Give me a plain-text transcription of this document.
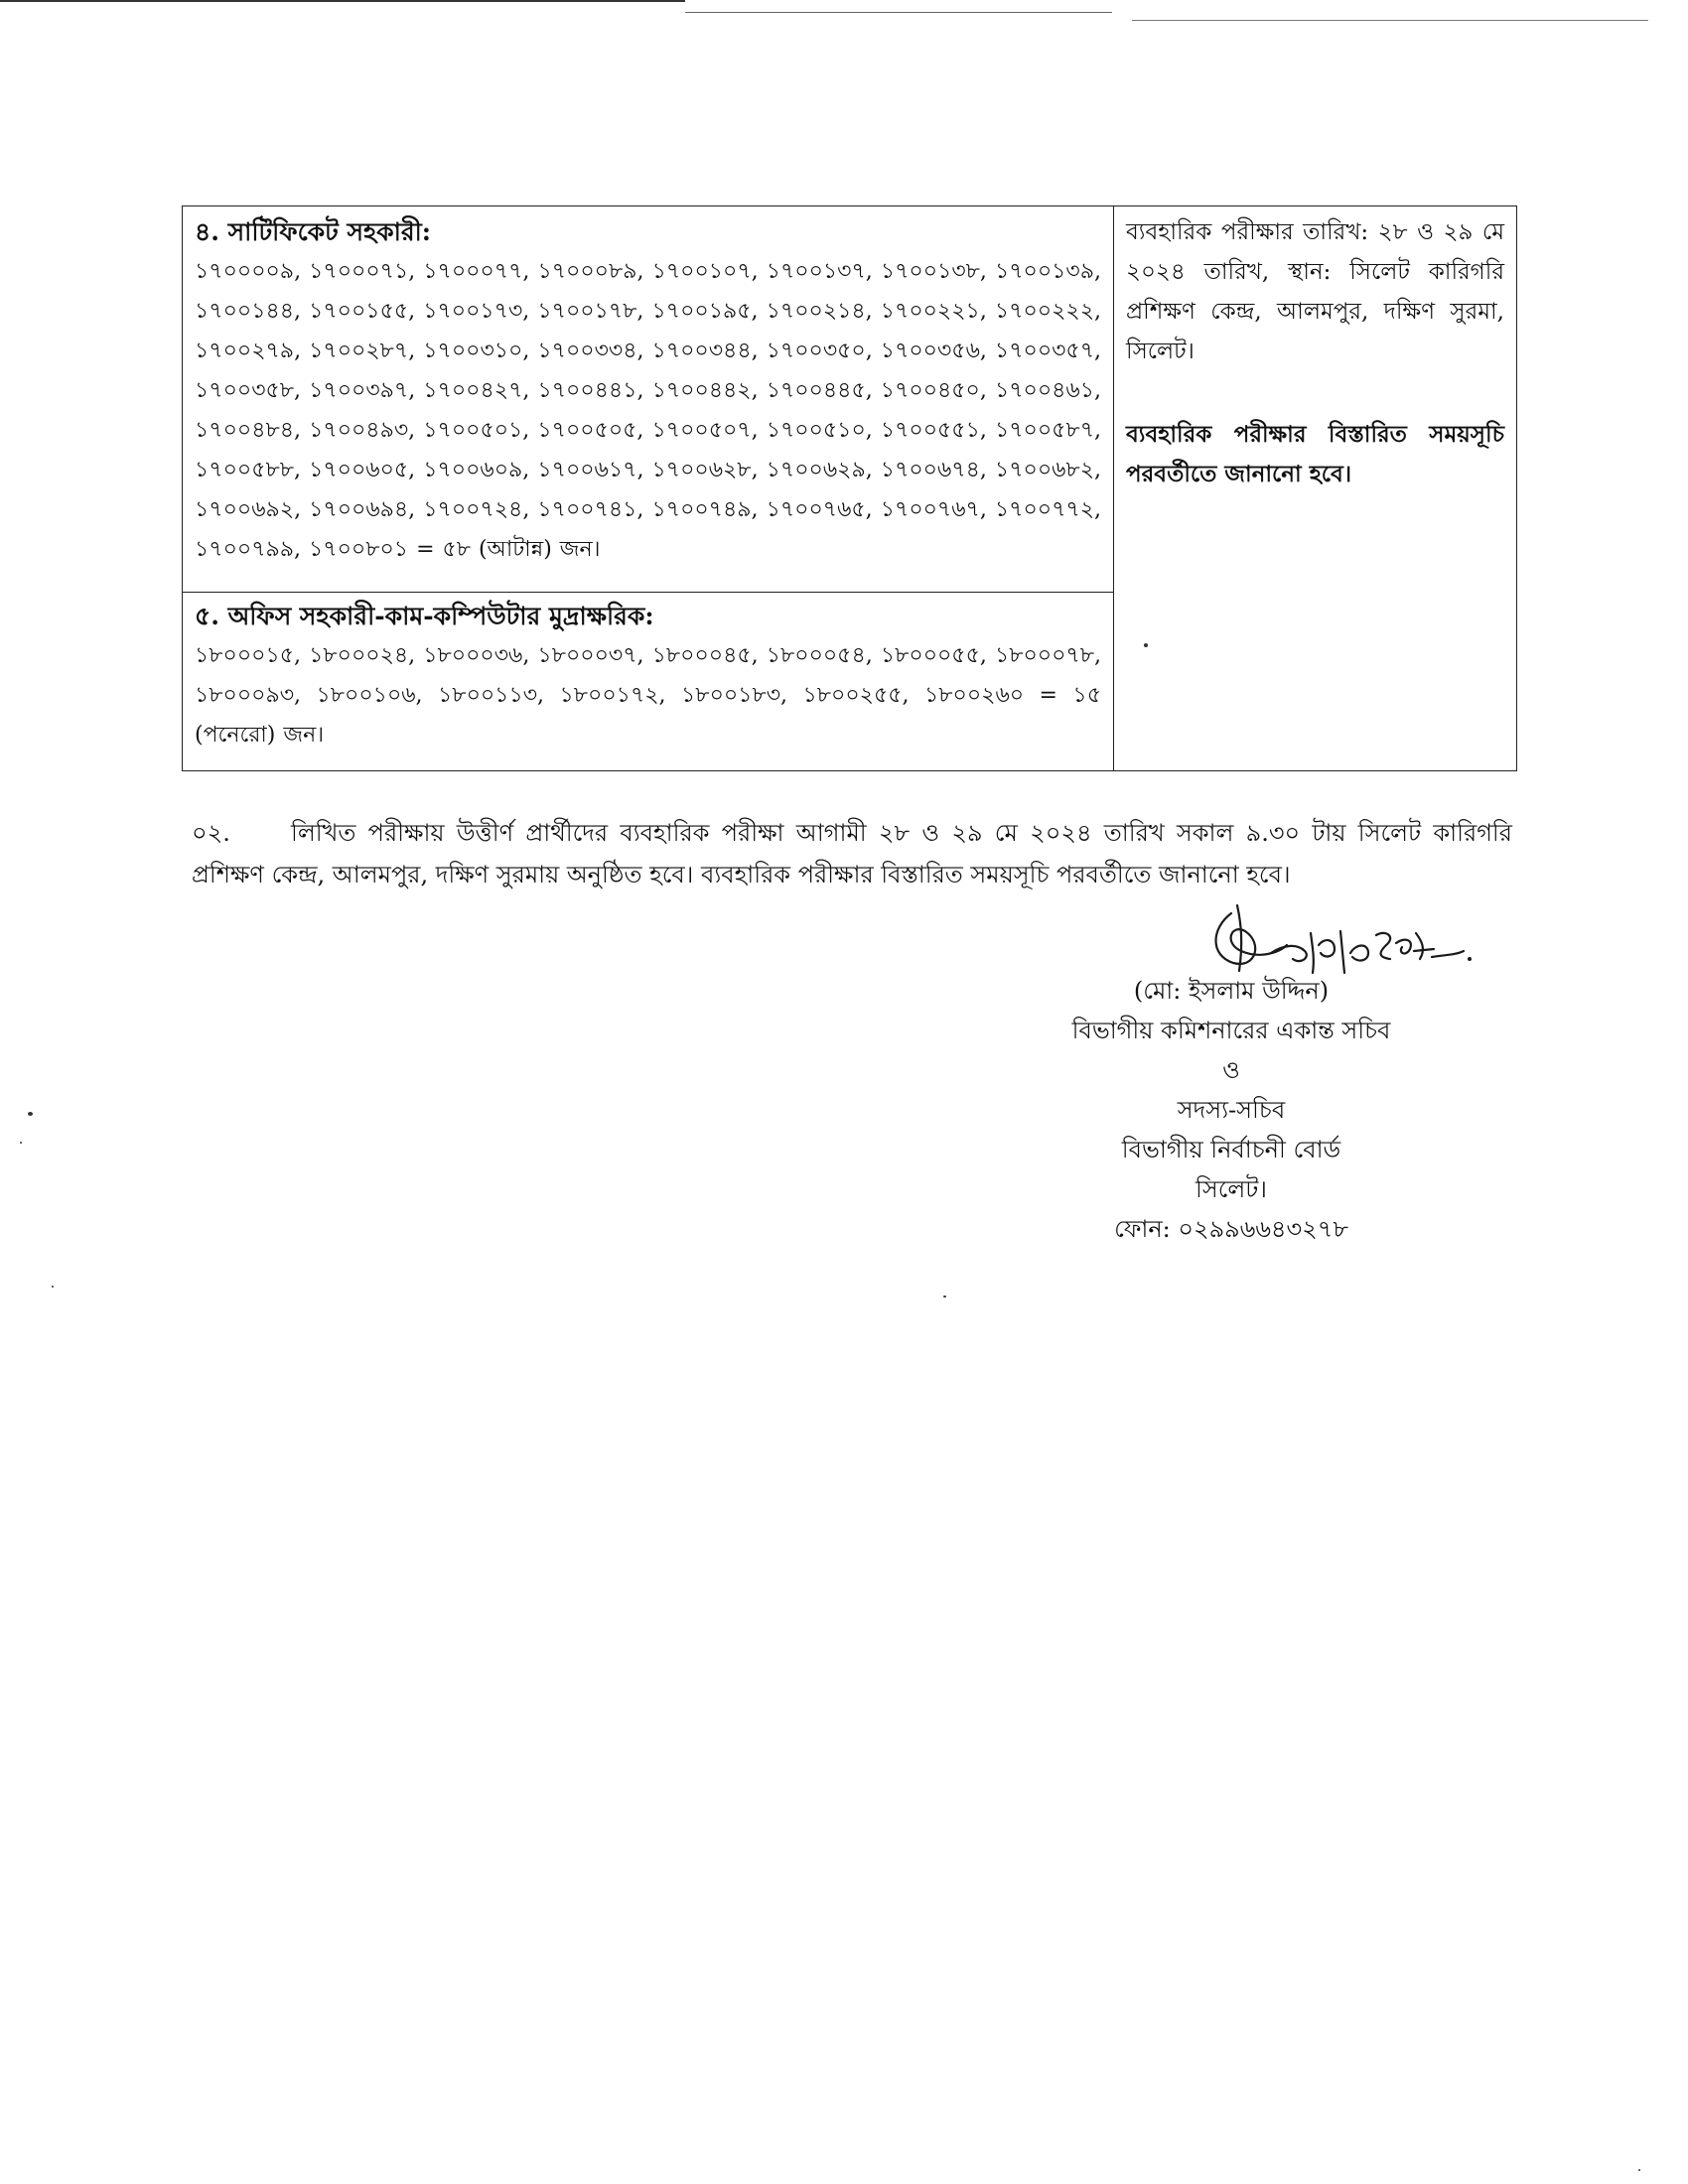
৪. সাটিফিকেট সহকারী:
১৭০০০০৯, ১৭০০০৭১, ১৭০০০৭৭, ১৭০০০৮৯, ১৭০০১০৭, ১৭০০১৩৭, ১৭০০১৩৮, ১৭০০১৩৯, ১৭০০১৪৪, ১৭০০১৫৫, ১৭০০১৭৩, ১৭০০১৭৮, ১৭০০১৯৫, ১৭০০২১৪, ১৭০০২২১, ১৭০০২২২, ১৭০০২৭৯, ১৭০০২৮৭, ১৭০০৩১০, ১৭০০৩৩৪, ১৭০০৩৪৪, ১৭০০৩৫০, ১৭০০৩৫৬, ১৭০০৩৫৭, ১৭০০৩৫৮, ১৭০০৩৯৭, ১৭০০৪২৭, ১৭০০৪৪১, ১৭০০৪৪২, ১৭০০৪৪৫, ১৭০০৪৫০, ১৭০০৪৬১, ১৭০০৪৮৪, ১৭০০৪৯৩, ১৭০০৫০১, ১৭০০৫০৫, ১৭০০৫০৭, ১৭০০৫১০, ১৭০০৫৫১, ১৭০০৫৮৭, ১৭০০৫৮৮, ১৭০০৬০৫, ১৭০০৬০৯, ১৭০০৬১৭, ১৭০০৬২৮, ১৭০০৬২৯, ১৭০০৬৭৪, ১৭০০৬৮২, ১৭০০৬৯২, ১৭০০৬৯৪, ১৭০০৭২৪, ১৭০০৭৪১, ১৭০০৭৪৯, ১৭০০৭৬৫, ১৭০০৭৬৭, ১৭০০৭৭২, ১৭০০৭৯৯, ১৭০০৮০১ = ৫৮ (আটান্ন) জন।
৫. অফিস সহকারী-কাম-কম্পিউটার মুদ্রাক্ষরিক:
১৮০০০১৫, ১৮০০০২৪, ১৮০০০৩৬, ১৮০০০৩৭, ১৮০০০৪৫, ১৮০০০৫৪, ১৮০০০৫৫, ১৮০০০৭৮, ১৮০০০৯৩, ১৮০০১০৬, ১৮০০১১৩, ১৮০০১৭২, ১৮০০১৮৩, ১৮০০২৫৫, ১৮০০২৬০ = ১৫ (পনেরো) জন।

ব্যবহারিক পরীক্ষার তারিখ: ২৮ ও ২৯ মে ২০২৪ তারিখ, স্থান: সিলেট কারিগরি প্রশিক্ষণ কেন্দ্র, আলমপুর, দক্ষিণ সুরমা, সিলেট।
ব্যবহারিক পরীক্ষার বিস্তারিত সময়সূচি পরবর্তীতে জানানো হবে।
০২.	লিখিত পরীক্ষায় উত্তীর্ণ প্রার্থীদের ব্যবহারিক পরীক্ষা আগামী ২৮ ও ২৯ মে ২০২৪ তারিখ সকাল ৯.৩০ টায় সিলেট কারিগরি প্রশিক্ষণ কেন্দ্র, আলমপুর, দক্ষিণ সুরমায় অনুষ্ঠিত হবে। ব্যবহারিক পরীক্ষার বিস্তারিত সময়সূচি পরবর্তীতে জানানো হবে।
(মো: ইসলাম উদ্দিন)
বিভাগীয় কমিশনারের একান্ত সচিব
ও
সদস্য-সচিব
বিভাগীয় নির্বাচনী বোর্ড
সিলেট।
ফোন: ০২৯৯৬৬৪৩২৭৮
